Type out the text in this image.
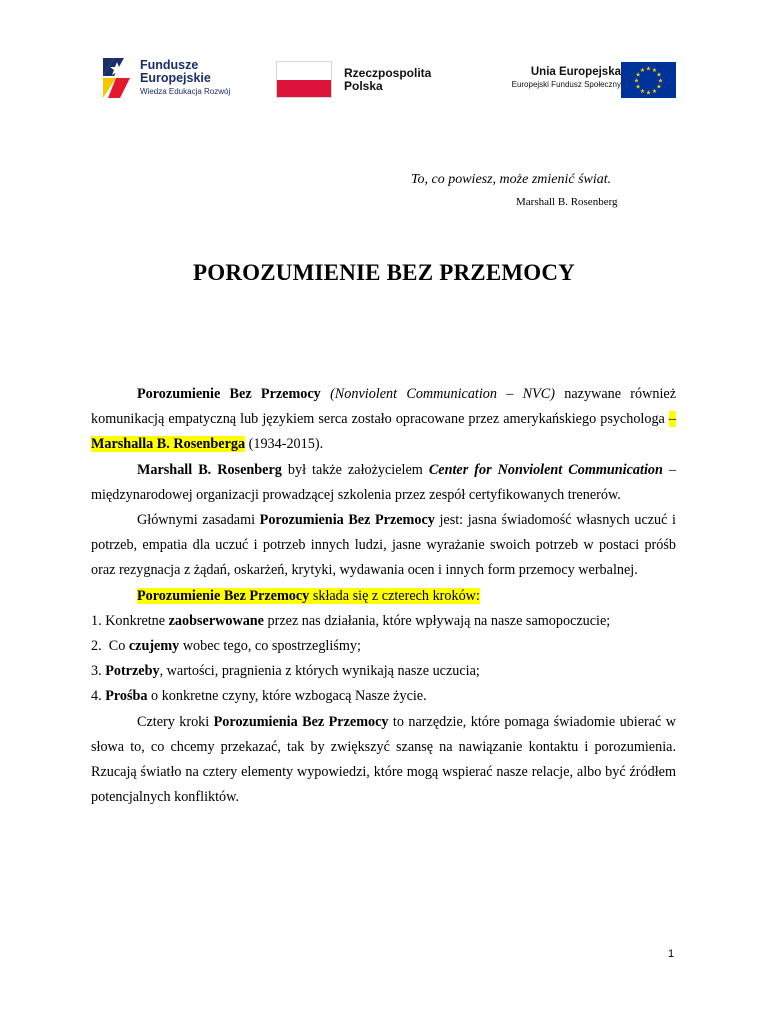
Fundusze
Europejskie
Wiedza Edukacja Rozwój
Rzeczpospolita
Polska
Unia Europejska
Europejski Fundusz Społeczny
★ ★
★
★
★
★
★
★
★
★
★
★
To, co powiesz, może zmienić świat.
Marshall B. Rosenberg
POROZUMIENIE BEZ PRZEMOCY

Porozumienie Bez Przemocy (Nonviolent Communication – NVC) nazywane również komunikacją empatyczną lub językiem serca zostało opracowane przez amerykańskiego psychologa – Marshalla B. Rosenberga (1934-2015).

Marshall B. Rosenberg był także założycielem Center for Nonviolent Communication – międzynarodowej organizacji prowadzącej szkolenia przez zespół certyfikowanych trenerów.

Głównymi zasadami Porozumienia Bez Przemocy jest: jasna świadomość własnych uczuć i potrzeb, empatia dla uczuć i potrzeb innych ludzi, jasne wyrażanie swoich potrzeb w postaci próśb oraz rezygnacja z żądań, oskarżeń, krytyki, wydawania ocen i innych form przemocy werbalnej.

Porozumienie Bez Przemocy składa się z czterech kroków:

1. Konkretne zaobserwowane przez nas działania, które wpływają na nasze samopoczucie;

2.  Co czujemy wobec tego, co spostrzegliśmy;

3. Potrzeby, wartości, pragnienia z których wynikają nasze uczucia;

4. Prośba o konkretne czyny, które wzbogacą Nasze życie.

Cztery kroki Porozumienia Bez Przemocy to narzędzie, które pomaga świadomie ubierać w słowa to, co chcemy przekazać, tak by zwiększyć szansę na nawiązanie kontaktu i porozumienia. Rzucają światło na cztery elementy wypowiedzi, które mogą wspierać nasze relacje, albo być źródłem potencjalnych konfliktów.

1
